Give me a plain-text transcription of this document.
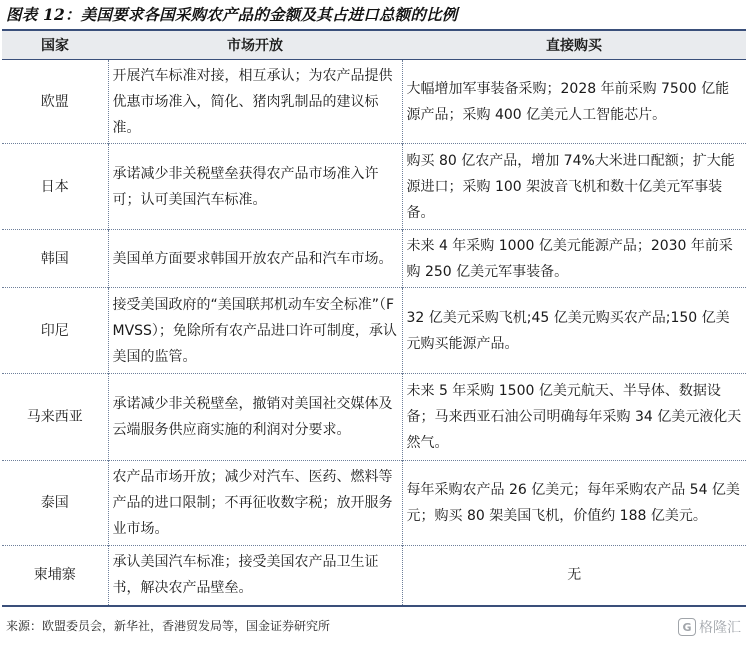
图表 12：美国要求各国采购农产品的金额及其占进口总额的比例
国家	市场开放	直接购买
欧盟	开展汽车标准对接，相互承认；为农产品提供优惠市场准入，简化、猪肉乳制品的建议标准。	大幅增加军事装备采购；2028 年前采购 7500 亿能源产品；采购 400 亿美元人工智能芯片。
日本	承诺减少非关税壁垒获得农产品市场准入许可；认可美国汽车标准。	购买 80 亿农产品，增加 74%大米进口配额；扩大能源进口；采购 100 架波音飞机和数十亿美元军事装备。
韩国	美国单方面要求韩国开放农产品和汽车市场。	未来 4 年采购 1000 亿美元能源产品；2030 年前采购 250 亿美元军事装备。
印尼	接受美国政府的“美国联邦机动车安全标准”（FMVSS）；免除所有农产品进口许可制度，承认美国的监管。	32 亿美元采购飞机;45 亿美元购买农产品;150 亿美元购买能源产品。
马来西亚	承诺减少非关税壁垒，撤销对美国社交媒体及云端服务供应商实施的利润对分要求。	未来 5 年采购 1500 亿美元航天、半导体、数据设备；马来西亚石油公司明确每年采购 34 亿美元液化天然气。
泰国	农产品市场开放；减少对汽车、医药、燃料等产品的进口限制；不再征收数字税；放开服务业市场。	每年采购农产品 26 亿美元；每年采购农产品 54 亿美元；购买 80 架美国飞机，价值约 188 亿美元。
柬埔寨	承认美国汽车标准；接受美国农产品卫生证书，解决农产品壁垒。	无
来源：欧盟委员会，新华社，香港贸发局等，国金证券研究所	G 格隆汇
